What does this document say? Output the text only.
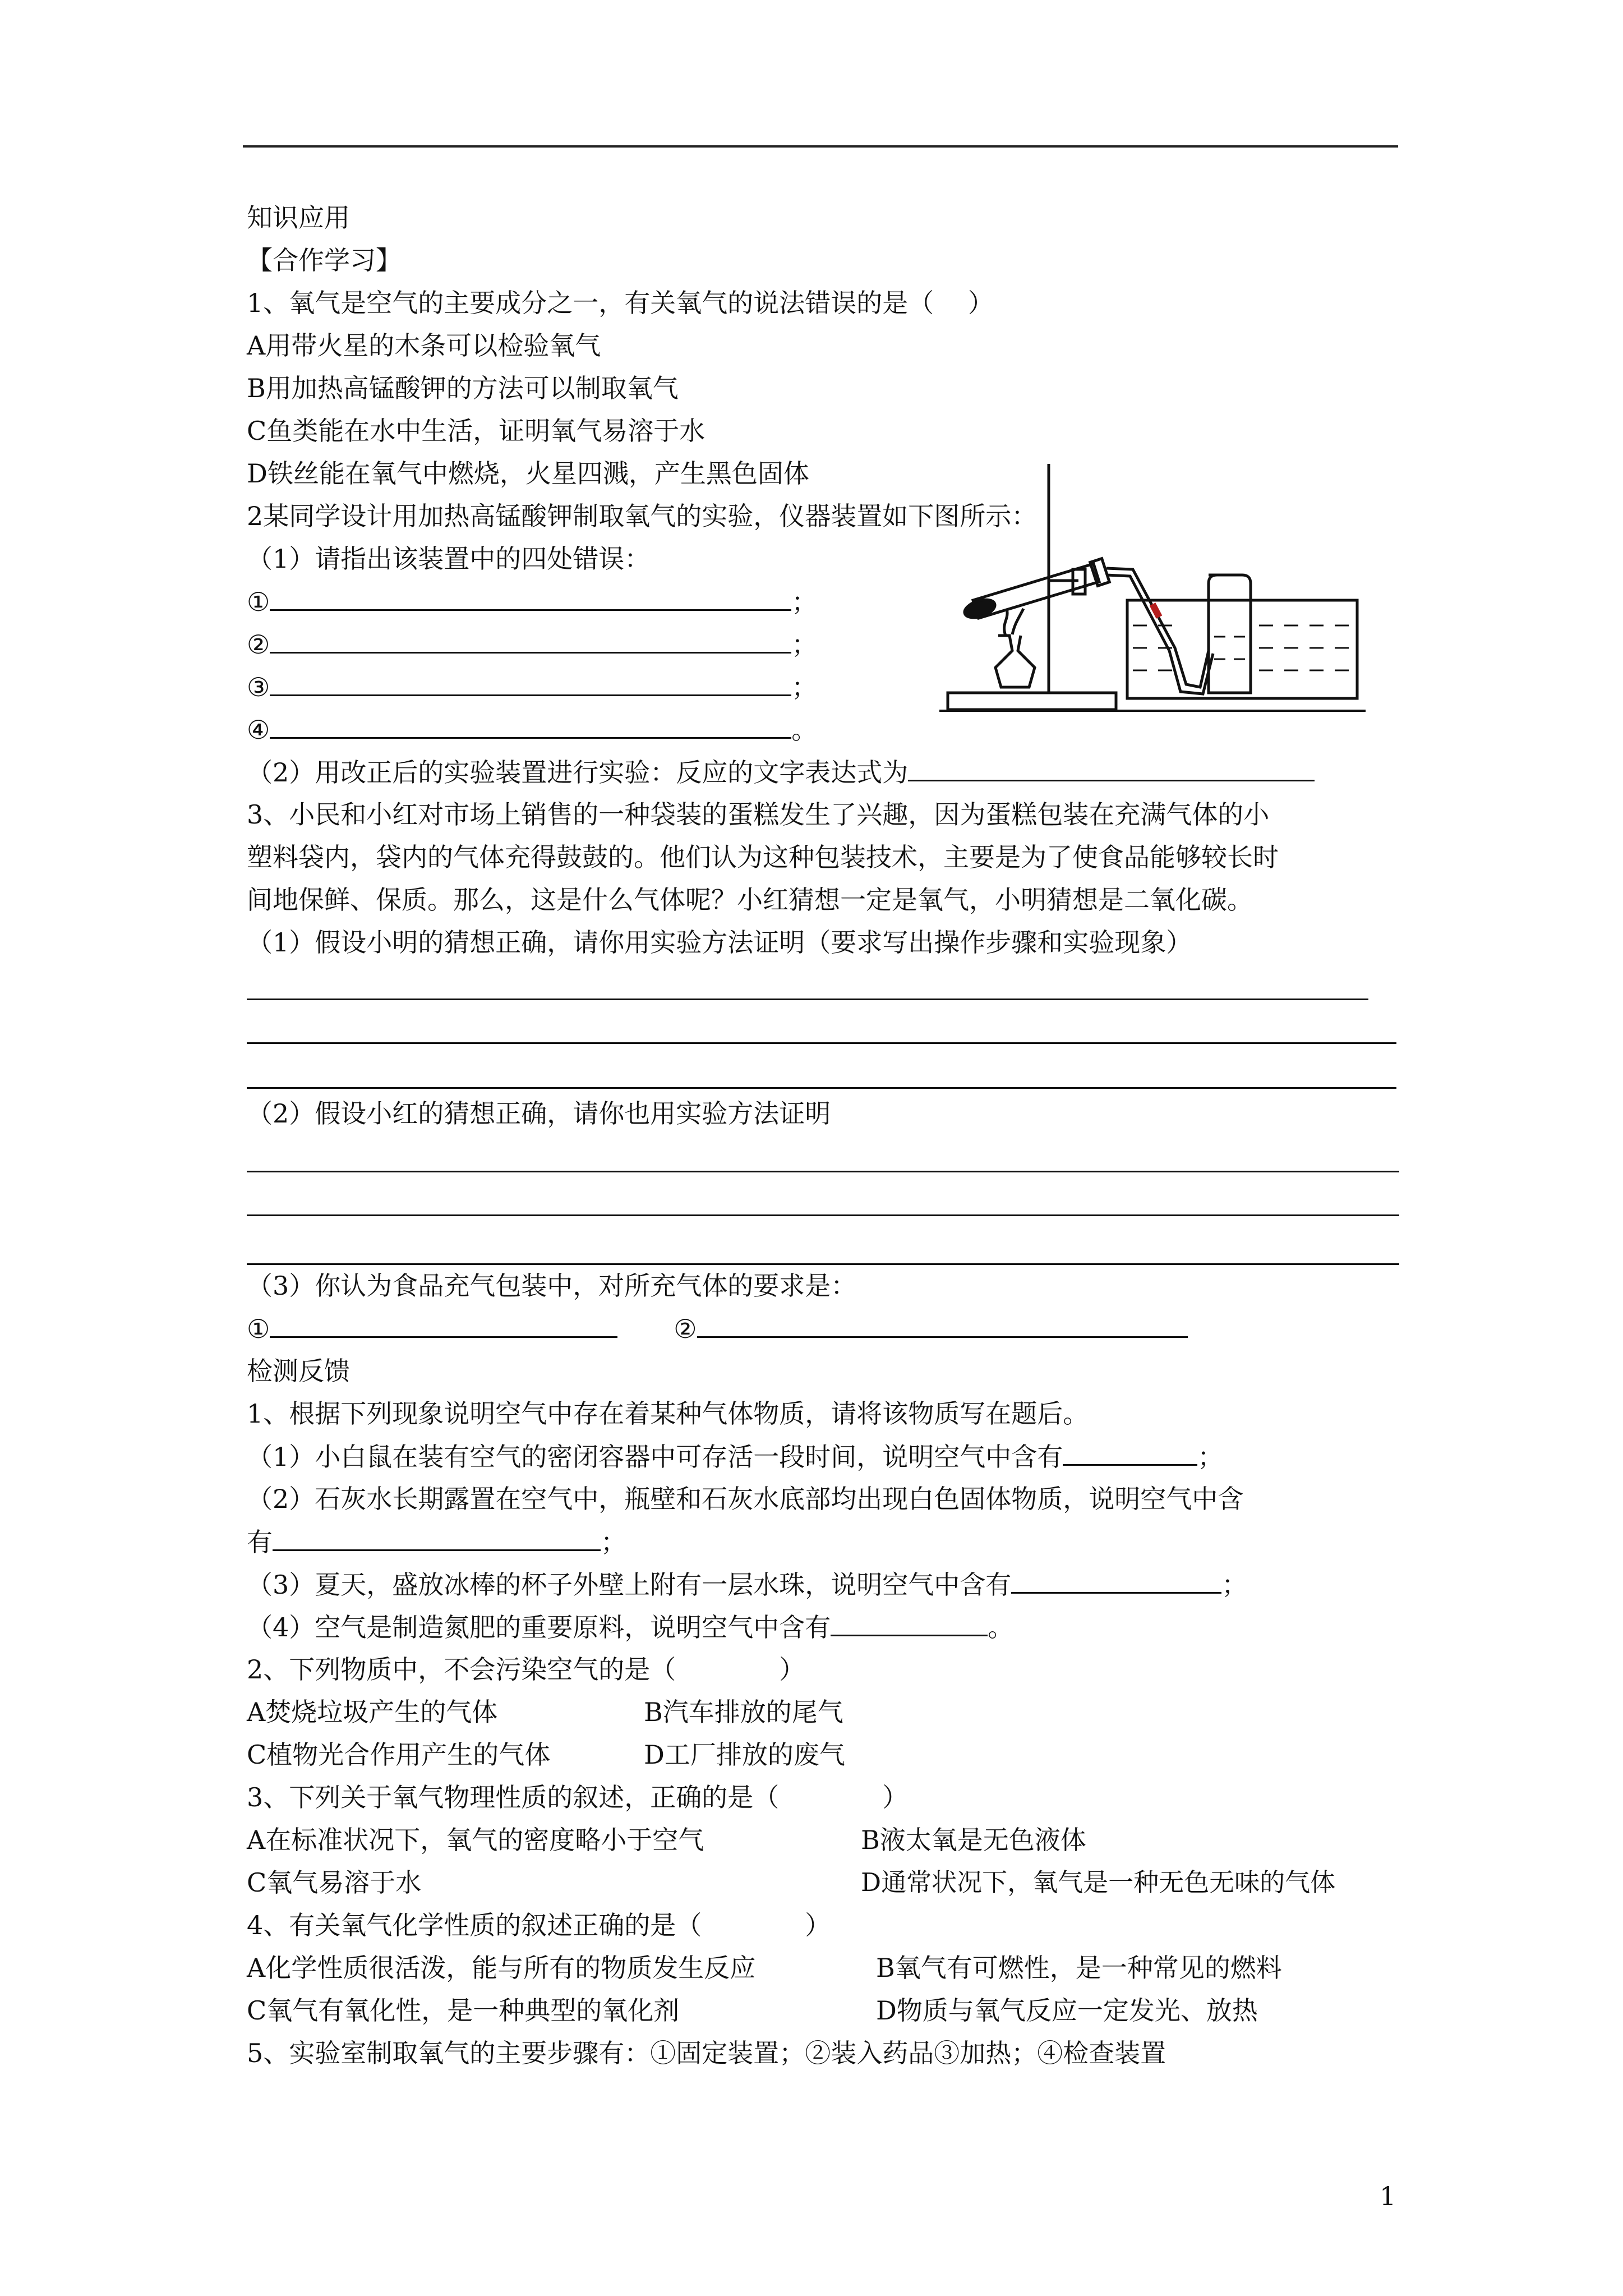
知识应用
【合作学习】
1、氧气是空气的主要成分之一，有关氧气的说法错误的是（　 ）
A用带火星的木条可以检验氧气
B用加热高锰酸钾的方法可以制取氧气
C鱼类能在水中生活，证明氧气易溶于水
D铁丝能在氧气中燃烧，火星四溅，产生黑色固体
2某同学设计用加热高锰酸钾制取氧气的实验，仪器装置如下图所示：
（1）请指出该装置中的四处错误：
①	；
②	；
③	；
④	。
（2）用改正后的实验装置进行实验：反应的文字表达式为
3、小民和小红对市场上销售的一种袋装的蛋糕发生了兴趣，因为蛋糕包装在充满气体的小
塑料袋内，袋内的气体充得鼓鼓的。他们认为这种包装技术，主要是为了使食品能够较长时
间地保鲜、保质。那么，这是什么气体呢？小红猜想一定是氧气，小明猜想是二氧化碳。
（1）假设小明的猜想正确，请你用实验方法证明（要求写出操作步骤和实验现象）
（2）假设小红的猜想正确，请你也用实验方法证明
（3）你认为食品充气包装中，对所充气体的要求是：
①	②
检测反馈
1、根据下列现象说明空气中存在着某种气体物质，请将该物质写在题后。
（1）小白鼠在装有空气的密闭容器中可存活一段时间，说明空气中含有	；
（2）石灰水长期露置在空气中，瓶壁和石灰水底部均出现白色固体物质，说明空气中含
有	；
（3）夏天，盛放冰棒的杯子外壁上附有一层水珠，说明空气中含有	；
（4）空气是制造氮肥的重要原料，说明空气中含有	。
2、下列物质中，不会污染空气的是（　　　　）
A焚烧垃圾产生的气体	B汽车排放的尾气
C植物光合作用产生的气体	D工厂排放的废气
3、下列关于氧气物理性质的叙述，正确的是（　　　　）
A在标准状况下，氧气的密度略小于空气	B液太氧是无色液体
C氧气易溶于水	D通常状况下，氧气是一种无色无味的气体
4、有关氧气化学性质的叙述正确的是（　　　　）
A化学性质很活泼，能与所有的物质发生反应	B氧气有可燃性，是一种常见的燃料
C氧气有氧化性，是一种典型的氧化剂	D物质与氧气反应一定发光、放热
5、实验室制取氧气的主要步骤有：①固定装置；②装入药品③加热；④检查装置
1
